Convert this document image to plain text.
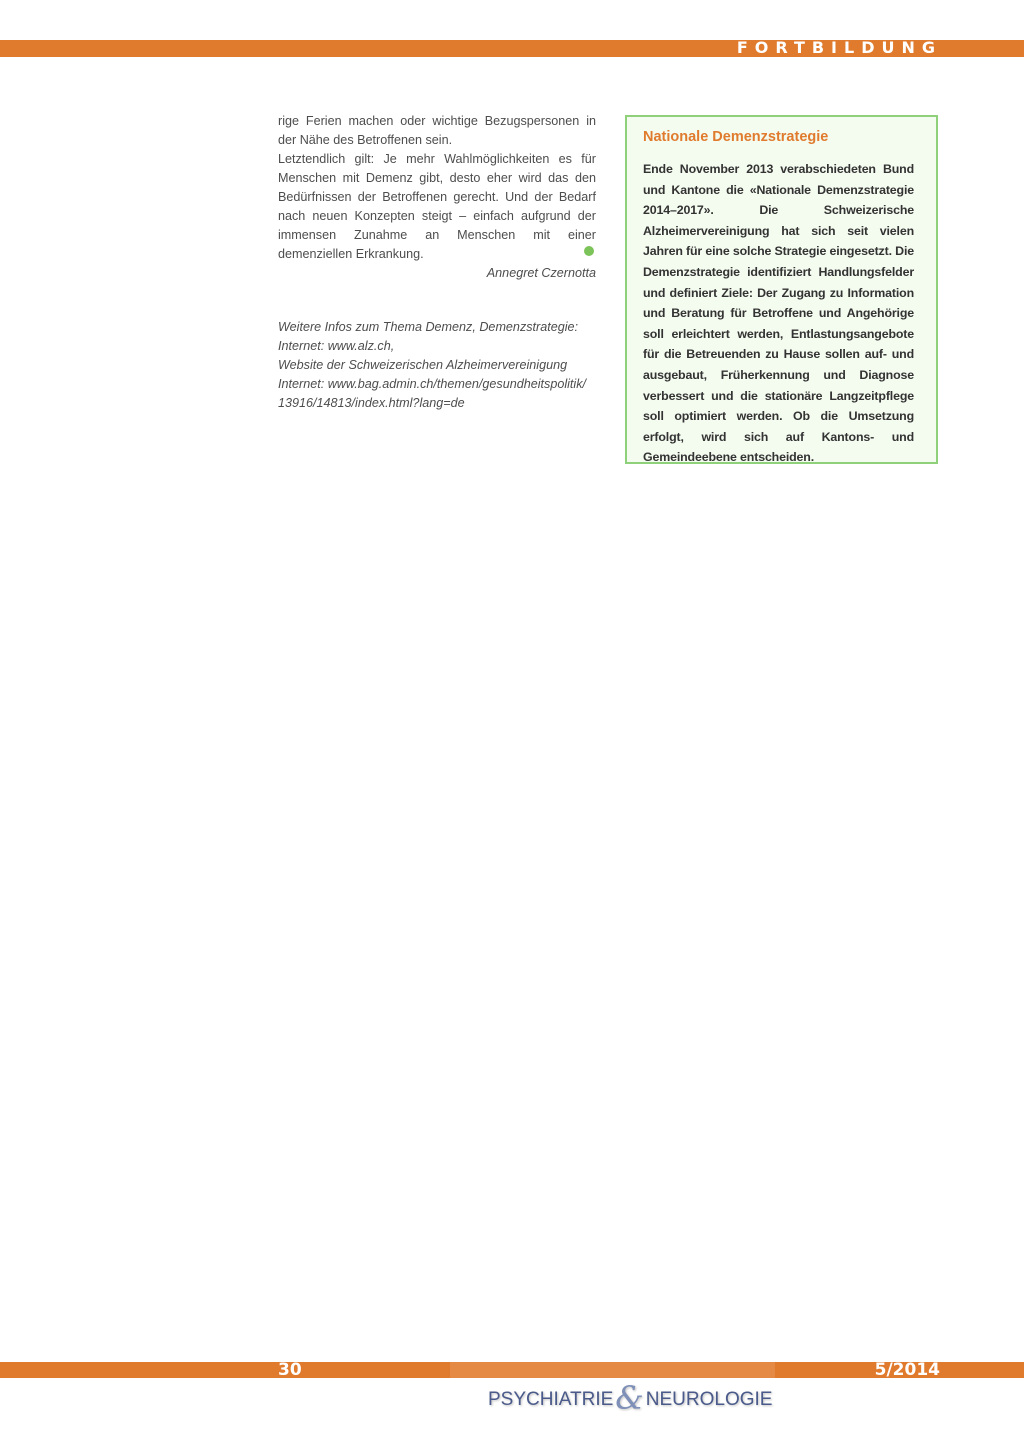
FORTBILDUNG

rige Ferien machen oder wichtige Bezugspersonen in der Nähe des Betroffenen sein.

Letztendlich gilt: Je mehr Wahlmöglichkeiten es für Menschen mit Demenz gibt, desto eher wird das den Bedürfnissen der Betroffenen gerecht. Und der Bedarf nach neuen Konzepten steigt – einfach aufgrund der immensen Zunahme an Menschen mit einer demenziellen Erkrankung.

Annegret Czernotta

Weitere Infos zum Thema Demenz, Demenzstrategie:
Internet: www.alz.ch,
Website der Schweizerischen Alzheimervereinigung
Internet: www.bag.admin.ch/themen/gesundheitspolitik/
13916/14813/index.html?lang=de
Nationale Demenzstrategie

Ende November 2013 verabschiedeten Bund und Kantone die «Nationale Demenzstrategie 2014–2017». Die Schweizerische Alzheimervereinigung hat sich seit vielen Jahren für eine solche Strategie eingesetzt. Die Demenzstrategie identifiziert Handlungsfelder und definiert Ziele: Der Zugang zu Information und Beratung für Betroffene und Angehörige soll erleichtert werden, Entlastungsangebote für die Betreuenden zu Hause sollen auf- und ausgebaut, Früherkennung und Diagnose verbessert und die stationäre Langzeitpflege soll optimiert werden. Ob die Umsetzung erfolgt, wird sich auf Kantons- und Gemeindeebene entscheiden.

30	5/2014
PSYCHIATRIE& NEUROLOGIE
